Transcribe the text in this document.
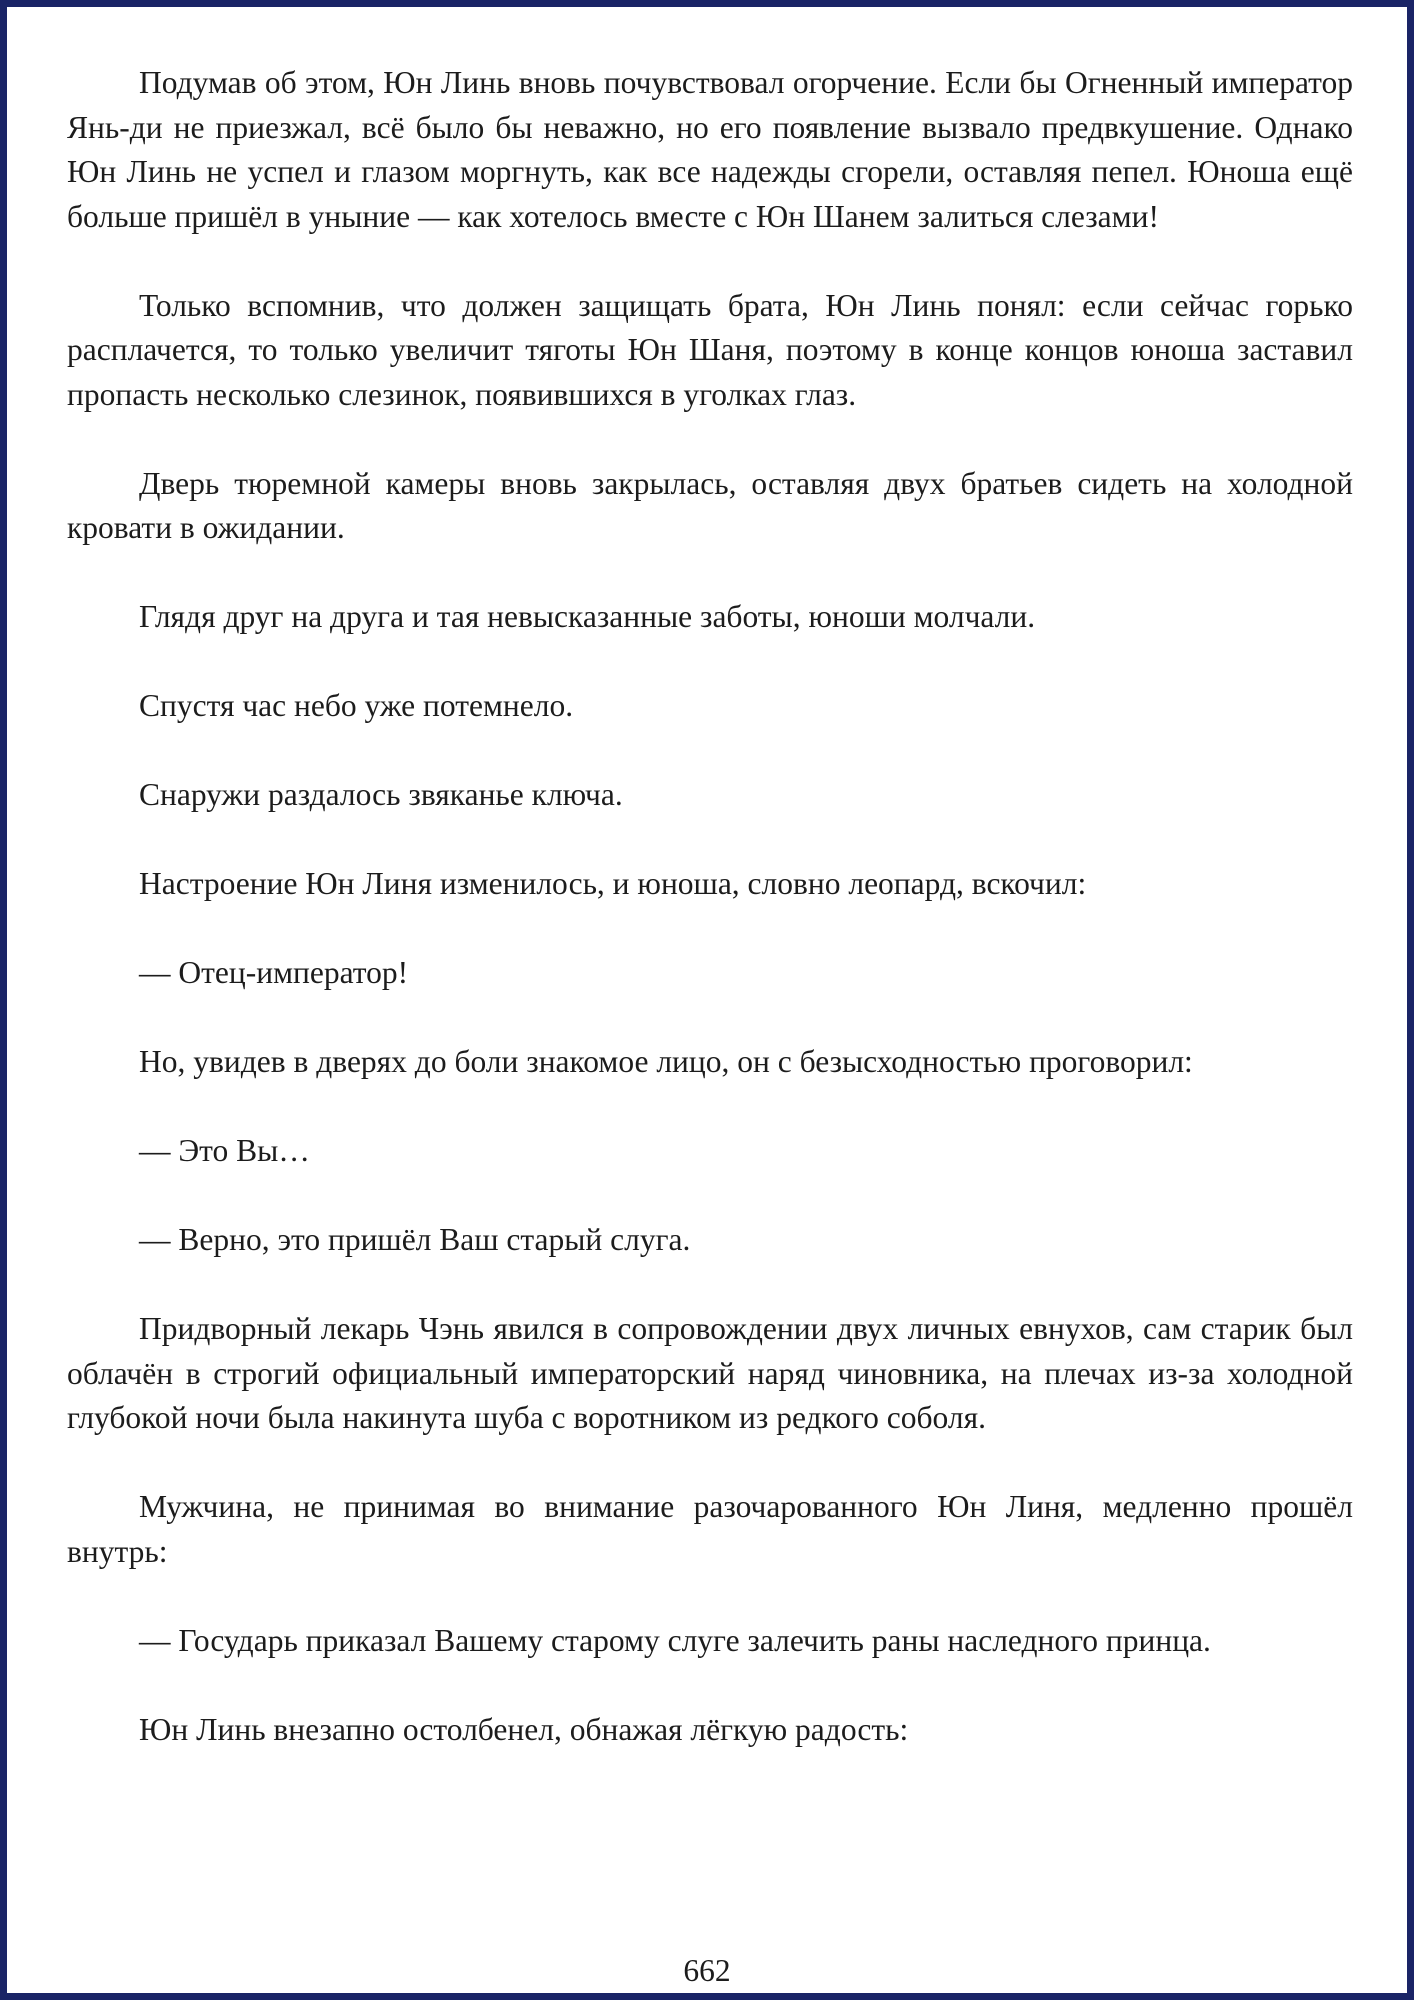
Подумав об этом, Юн Линь вновь почувствовал огорчение. Если бы Огненный император Янь-ди не приезжал, всё было бы неважно, но его появление вызвало предвкушение. Однако Юн Линь не успел и глазом моргнуть, как все надежды сгорели, оставляя пепел. Юноша ещё больше пришёл в уныние — как хотелось вместе с Юн Шанем залиться слезами!

Только вспомнив, что должен защищать брата, Юн Линь понял: если сейчас горько расплачется, то только увеличит тяготы Юн Шаня, поэтому в конце концов юноша заставил пропасть несколько слезинок, появившихся в уголках глаз.

Дверь тюремной камеры вновь закрылась, оставляя двух братьев сидеть на холодной кровати в ожидании.

Глядя друг на друга и тая невысказанные заботы, юноши молчали.

Спустя час небо уже потемнело.

Снаружи раздалось звяканье ключа.

Настроение Юн Линя изменилось, и юноша, словно леопард, вскочил:

— Отец-император!

Но, увидев в дверях до боли знакомое лицо, он с безысходностью проговорил:

— Это Вы…

— Верно, это пришёл Ваш старый слуга.

Придворный лекарь Чэнь явился в сопровождении двух личных евнухов, сам старик был облачён в строгий официальный императорский наряд чиновника, на плечах из-за холодной глубокой ночи была накинута шуба с воротником из редкого соболя.

Мужчина, не принимая во внимание разочарованного Юн Линя, медленно прошёл внутрь:

— Государь приказал Вашему старому слуге залечить раны наследного принца.

Юн Линь внезапно остолбенел, обнажая лёгкую радость:

662
